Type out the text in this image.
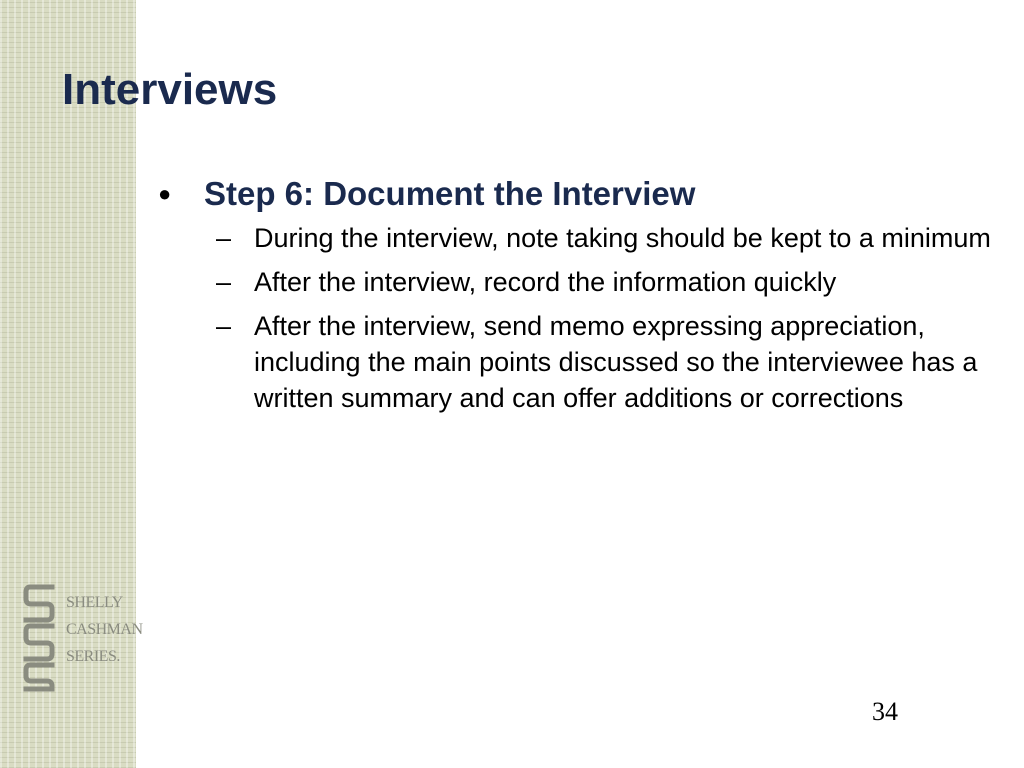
Interviews
● Step 6: Document the Interview
– During the interview, note taking should be kept to a minimum
– After the interview, record the information quickly
– After the interview, send memo expressing appreciation, including the main points discussed so the interviewee has a written summary and can offer additions or corrections
SHELLY
CASHMAN
SERIES.
34
